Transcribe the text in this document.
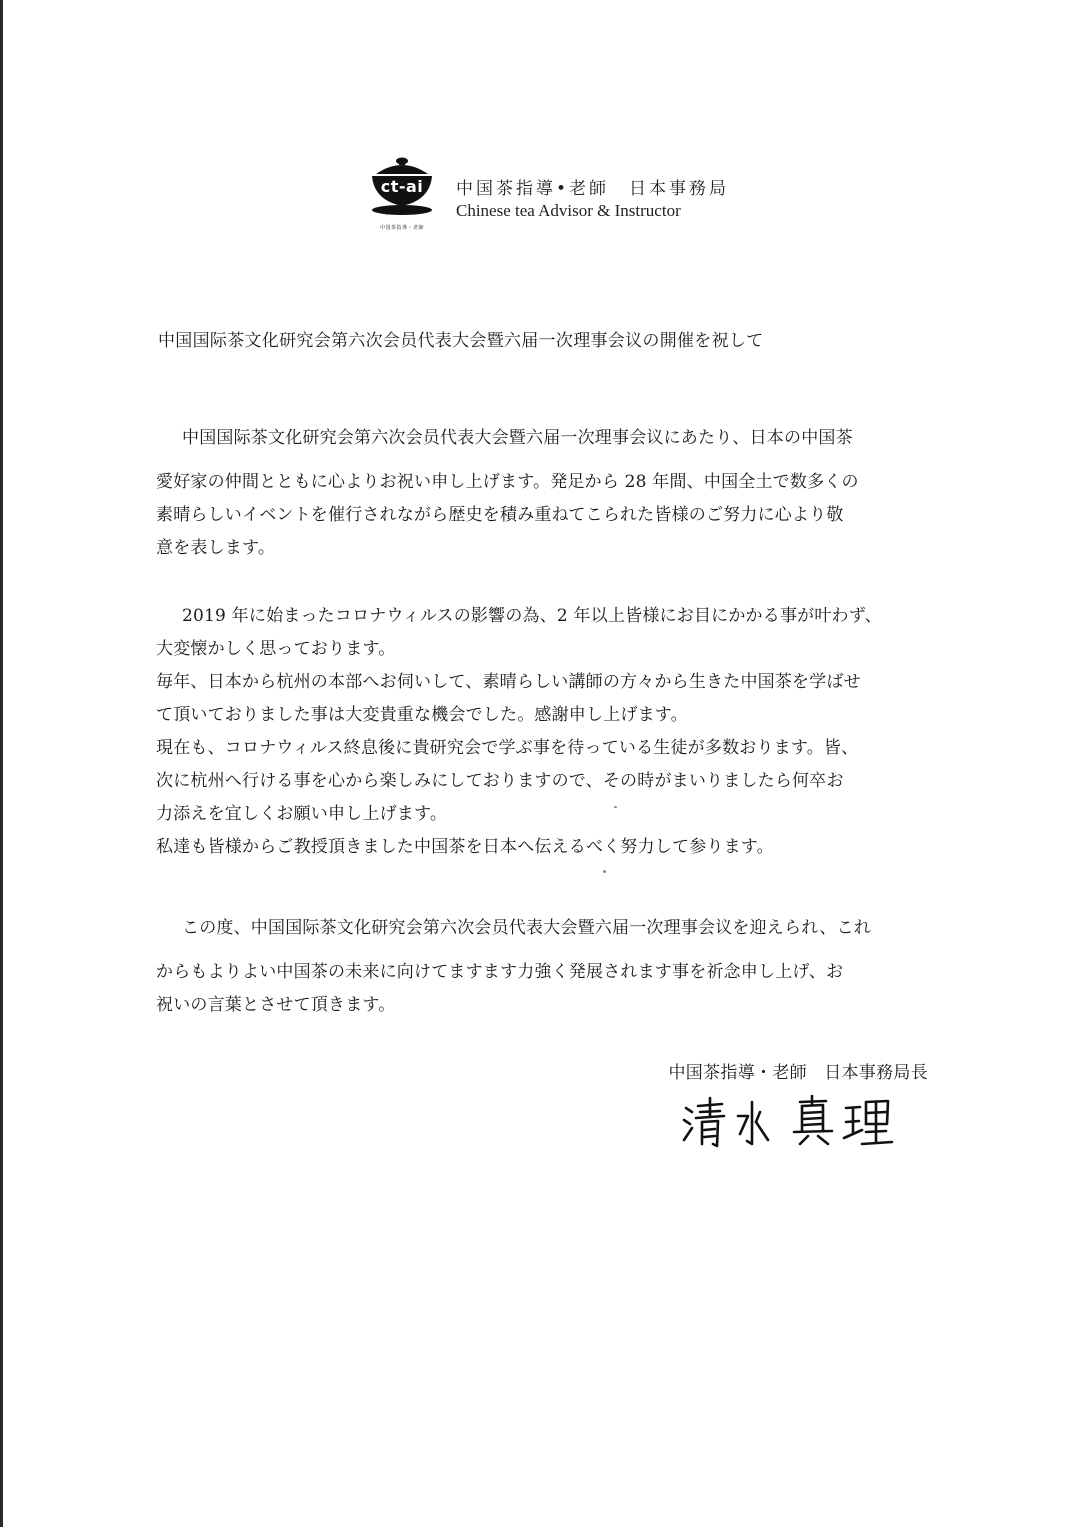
ct-ai
中国茶指導・老師
中国茶指導•老師　日本事務局
Chinese tea Advisor & Instructor
中国国际茶文化研究会第六次会员代表大会暨六届一次理事会议の開催を祝して
中国国际茶文化研究会第六次会员代表大会暨六届一次理事会议にあたり、日本の中国茶
愛好家の仲間とともに心よりお祝い申し上げます。発足から 28 年間、中国全土で数多くの
素晴らしいイベントを催行されながら歴史を積み重ねてこられた皆様のご努力に心より敬
意を表します。
2019 年に始まったコロナウィルスの影響の為、2 年以上皆様にお目にかかる事が叶わず、
大変懐かしく思っております。
毎年、日本から杭州の本部へお伺いして、素晴らしい講師の方々から生きた中国茶を学ばせ
て頂いておりました事は大変貴重な機会でした。感謝申し上げます。
現在も、コロナウィルス終息後に貴研究会で学ぶ事を待っている生徒が多数おります。皆、
次に杭州へ行ける事を心から楽しみにしておりますので、その時がまいりましたら何卒お
力添えを宜しくお願い申し上げます。
私達も皆様からご教授頂きました中国茶を日本へ伝えるべく努力して参ります。
この度、中国国际茶文化研究会第六次会员代表大会暨六届一次理事会议を迎えられ、これ
からもよりよい中国茶の未来に向けてますます力強く発展されます事を祈念申し上げ、お
祝いの言葉とさせて頂きます。
中国茶指導・老師　日本事務局長
